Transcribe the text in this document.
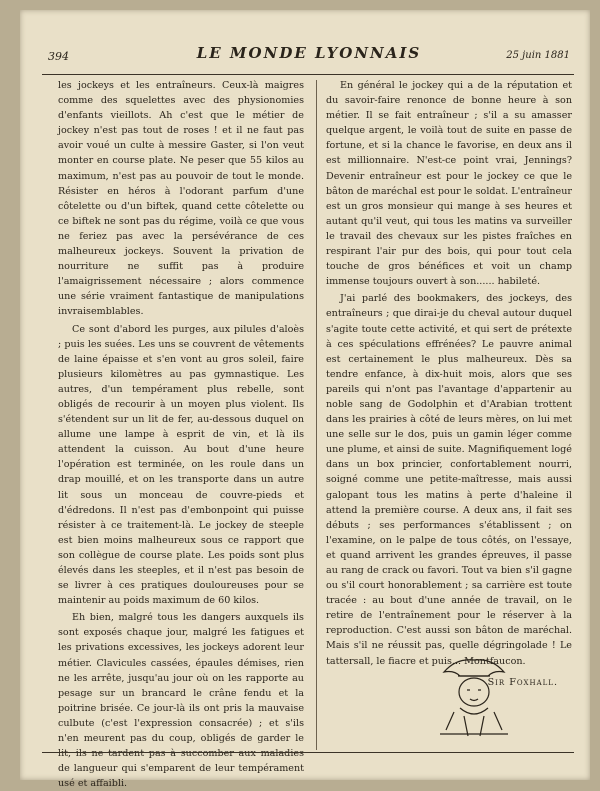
394	LE MONDE LYONNAIS	25 juin 1881

les jockeys et les entraîneurs. Ceux-là maigres comme des squelettes avec des physionomies d'enfants vieillots. Ah c'est que le métier de jockey n'est pas tout de roses ! et il ne faut pas avoir voué un culte à messire Gaster, si l'on veut monter en course plate. Ne peser que 55 kilos au maximum, n'est pas au pouvoir de tout le monde. Résister en héros à l'odorant parfum d'une côtelette ou d'un biftek, quand cette côtelette ou ce biftek ne sont pas du régime, voilà ce que vous ne feriez pas avec la persévérance de ces malheureux jockeys. Souvent la privation de nourriture ne suffit pas à produire l'amaigrissement nécessaire ; alors commence une série vraiment fantastique de manipulations invraisemblables.

Ce sont d'abord les purges, aux pilules d'aloès ; puis les suées. Les uns se couvrent de vêtements de laine épaisse et s'en vont au gros soleil, faire plusieurs kilomètres au pas gymnastique. Les autres, d'un tempérament plus rebelle, sont obligés de recourir à un moyen plus violent. Ils s'étendent sur un lit de fer, au-dessous duquel on allume une lampe à esprit de vin, et là ils attendent la cuisson. Au bout d'une heure l'opération est terminée, on les roule dans un drap mouillé, et on les transporte dans un autre lit sous un monceau de couvre-pieds et d'édredons. Il n'est pas d'embonpoint qui puisse résister à ce traitement-là. Le jockey de steeple est bien moins malheureux sous ce rapport que son collègue de course plate. Les poids sont plus élevés dans les steeples, et il n'est pas besoin de se livrer à ces pratiques douloureuses pour se maintenir au poids maximum de 60 kilos.

Eh bien, malgré tous les dangers auxquels ils sont exposés chaque jour, malgré les fatigues et les privations excessives, les jockeys adorent leur métier. Clavicules cassées, épaules démises, rien ne les arrête, jusqu'au jour où on les rapporte au pesage sur un brancard le crâne fendu et la poitrine brisée. Ce jour-là ils ont pris la mauvaise culbute (c'est l'expression consacrée) ; et s'ils n'en meurent pas du coup, obligés de garder le lit, ils ne tardent pas à succomber aux maladies de langueur qui s'emparent de leur tempérament usé et affaibli.

En général le jockey qui a de la réputation et du savoir-faire renonce de bonne heure à son métier. Il se fait entraîneur ; s'il a su amasser quelque argent, le voilà tout de suite en passe de fortune, et si la chance le favorise, en deux ans il est millionnaire. N'est-ce point vrai, Jennings? Devenir entraîneur est pour le jockey ce que le bâton de maréchal est pour le soldat. L'entraîneur est un gros monsieur qui mange à ses heures et autant qu'il veut, qui tous les matins va surveiller le travail des chevaux sur les pistes fraîches en respirant l'air pur des bois, qui pour tout cela touche de gros bénéfices et voit un champ immense toujours ouvert à son...... habileté.

J'ai parlé des bookmakers, des jockeys, des entraîneurs ; que dirai-je du cheval autour duquel s'agite toute cette activité, et qui sert de prétexte à ces spéculations effrénées? Le pauvre animal est certainement le plus malheureux. Dès sa tendre enfance, à dix-huit mois, alors que ses pareils qui n'ont pas l'avantage d'appartenir au noble sang de Godolphin et d'Arabian trottent dans les prairies à côté de leurs mères, on lui met une selle sur le dos, puis un gamin léger comme une plume, et ainsi de suite. Magnifiquement logé dans un box princier, confortablement nourri, soigné comme une petite-maîtresse, mais aussi galopant tous les matins à perte d'haleine il attend la première course. A deux ans, il fait ses débuts ; ses performances s'établissent ; on l'examine, on le palpe de tous côtés, on l'essaye, et quand arrivent les grandes épreuves, il passe au rang de crack ou favori. Tout va bien s'il gagne ou s'il court honorablement ; sa carrière est toute tracée : au bout d'une année de travail, on le retire de l'entraînement pour le réserver à la reproduction. C'est aussi son bâton de maréchal. Mais s'il ne réussit pas, quelle dégringolade ! Le tattersall, le fiacre et puis... Montfaucon.

Sir Foxhall.
